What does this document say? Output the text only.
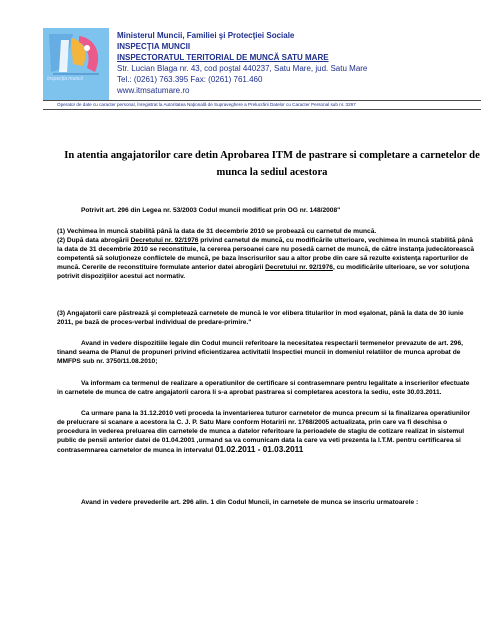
Inspecţia muncii
Ministerul Muncii, Familiei şi Protecţiei Sociale
INSPECŢIA MUNCII
INSPECTORATUL TERITORIAL DE MUNCĂ SATU MARE
Str. Lucian Blaga nr. 43, cod poştal 440237, Satu Mare, jud. Satu Mare
Tel.: (0261) 763.395 Fax: (0261) 761.460
www.itmsatumare.ro
Operator de date cu caracter personal, înregistrat la Autoritatea Naţională de Supraveghere a Prelucrării Datelor cu Caracter Personal sub nr. 3297
In atentia angajatorilor care detin Aprobarea ITM de pastrare si completare a carnetelor de munca la sediul acestora

Potrivit art. 296 din Legea nr. 53/2003 Codul muncii modificat prin OG nr. 148/2008"

(1) Vechimea în muncă stabilită până la data de 31 decembrie 2010 se probează cu carnetul de muncă.

(2) După data abrogării Decretului nr. 92/1976 privind carnetul de muncă, cu modificările ulterioare, vechimea în muncă stabilită până la data de 31 decembrie 2010 se reconstituie, la cererea persoanei care nu posedă carnet de muncă, de către instanţa judecătorească competentă să soluţioneze conflictele de muncă, pe baza înscrisurilor sau a altor probe din care să rezulte existenţa raporturilor de muncă. Cererile de reconstituire formulate anterior datei abrogării Decretului nr. 92/1976, cu modificările ulterioare, se vor soluţiona potrivit dispoziţiilor acestui act normativ.

(3) Angajatorii care păstrează şi completează carnetele de muncă le vor elibera titularilor în mod eşalonat, până la data de 30 iunie 2011, pe bază de proces-verbal individual de predare-primire."

Avand in vedere dispozitiile legale din Codul muncii referitoare la necesitatea respectarii termenelor prevazute de art. 296, tinand seama de Planul de propuneri privind eficientizarea activitatii Inspectiei muncii in domeniul relatiilor de munca aprobat de MMFPS sub nr. 3750/11.08.2010;

Va informam ca termenul de realizare a operatiunilor de certificare si contrasemnare pentru legalitate a inscrierilor efectuate in carnetele de munca de catre angajatorii carora li s-a aprobat pastrarea si completarea acestora la sediu, este 30.03.2011.

Ca urmare pana la 31.12.2010 veti proceda la inventarierea tuturor carnetelor de munca precum si la finalizarea operatiunilor de prelucrare si scanare a acestora la C. J. P. Satu Mare conform Hotaririi nr. 1768/2005 actualizata, prin care va fi deschisa o procedura in vederea preluarea din carnetele de munca a datelor referitoare la perioadele de stagiu de cotizare realizat in sistemul public de pensii anterior datei de 01.04.2001 ,urmand sa va comunicam data la care va veti prezenta la I.T.M. pentru certificarea si contrasemnarea carnetelor de munca in intervalul 01.02.2011 - 01.03.2011

Avand in vedere prevederile art. 296 alin. 1 din Codul Muncii, in carnetele de munca se inscriu urmatoarele :
